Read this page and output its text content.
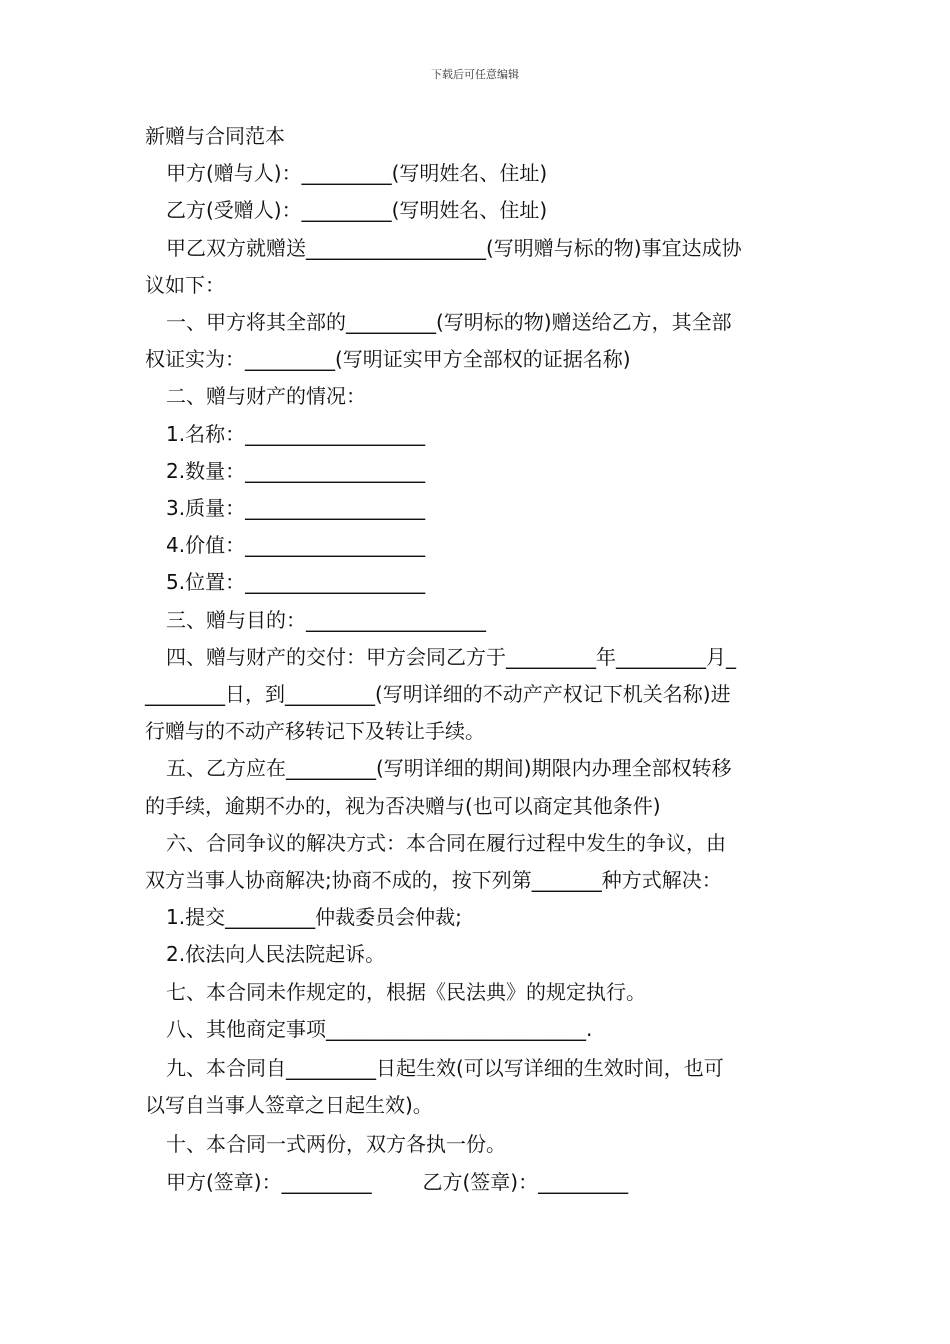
下载后可任意编辑

新赠与合同范本

甲方(赠与人)：_________(写明姓名、住址)

乙方(受赠人)：_________(写明姓名、住址)

甲乙双方就赠送__________________(写明赠与标的物)事宜达成协

议如下：

一、甲方将其全部的_________(写明标的物)赠送给乙方，其全部

权证实为：_________(写明证实甲方全部权的证据名称)

二、赠与财产的情况：

1.名称：__________________

2.数量：__________________

3.质量：__________________

4.价值：__________________

5.位置：__________________

三、赠与目的：__________________

四、赠与财产的交付：甲方会同乙方于_________年_________月_

________日，到_________(写明详细的不动产产权记下机关名称)进

行赠与的不动产移转记下及转让手续。

五、乙方应在_________(写明详细的期间)期限内办理全部权转移

的手续，逾期不办的，视为否决赠与(也可以商定其他条件)

六、合同争议的解决方式：本合同在履行过程中发生的争议，由

双方当事人协商解决;协商不成的，按下列第_______种方式解决：

1.提交_________仲裁委员会仲裁;

2.依法向人民法院起诉。

七、本合同未作规定的，根据《民法典》的规定执行。

八、其他商定事项__________________________.

九、本合同自_________日起生效(可以写详细的生效时间，也可

以写自当事人签章之日起生效)。

十、本合同一式两份，双方各执一份。

甲方(签章)：_________	乙方(签章)：_________
